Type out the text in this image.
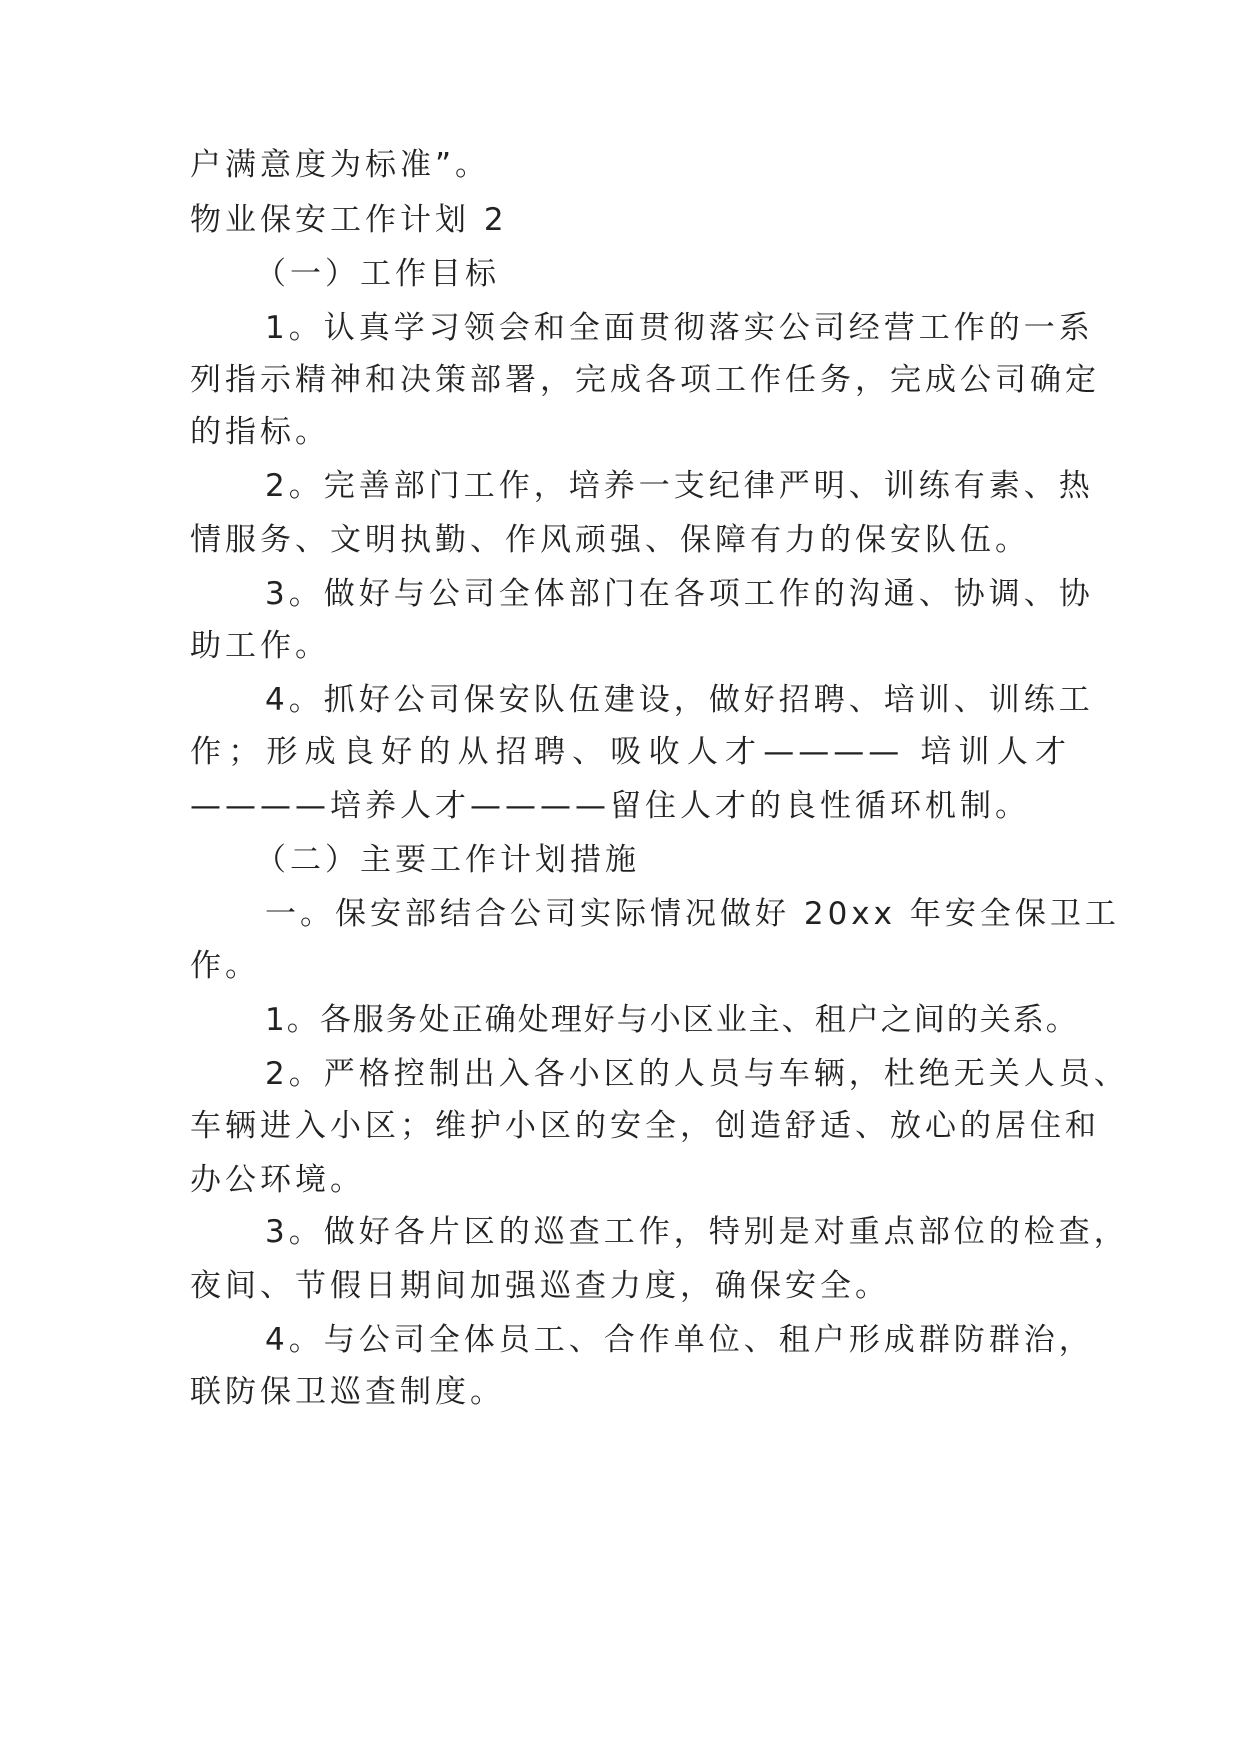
户满意度为标准”。
物业保安工作计划 2
（一）工作目标
1。认真学习领会和全面贯彻落实公司经营工作的一系
列指示精神和决策部署，完成各项工作任务，完成公司确定
的指标。
2。完善部门工作，培养一支纪律严明、训练有素、热
情服务、文明执勤、作风顽强、保障有力的保安队伍。
3。做好与公司全体部门在各项工作的沟通、协调、协
助工作。
4。抓好公司保安队伍建设，做好招聘、培训、训练工
作；形成良好的从招聘、吸收人才———— 培训人才
————培养人才————留住人才的良性循环机制。
（二）主要工作计划措施
一。保安部结合公司实际情况做好 20xx 年安全保卫工
作。
1。各服务处正确处理好与小区业主、租户之间的关系。
2。严格控制出入各小区的人员与车辆，杜绝无关人员、
车辆进入小区；维护小区的安全，创造舒适、放心的居住和
办公环境。
3。做好各片区的巡查工作，特别是对重点部位的检查，
夜间、节假日期间加强巡查力度，确保安全。
4。与公司全体员工、合作单位、租户形成群防群治，
联防保卫巡查制度。
